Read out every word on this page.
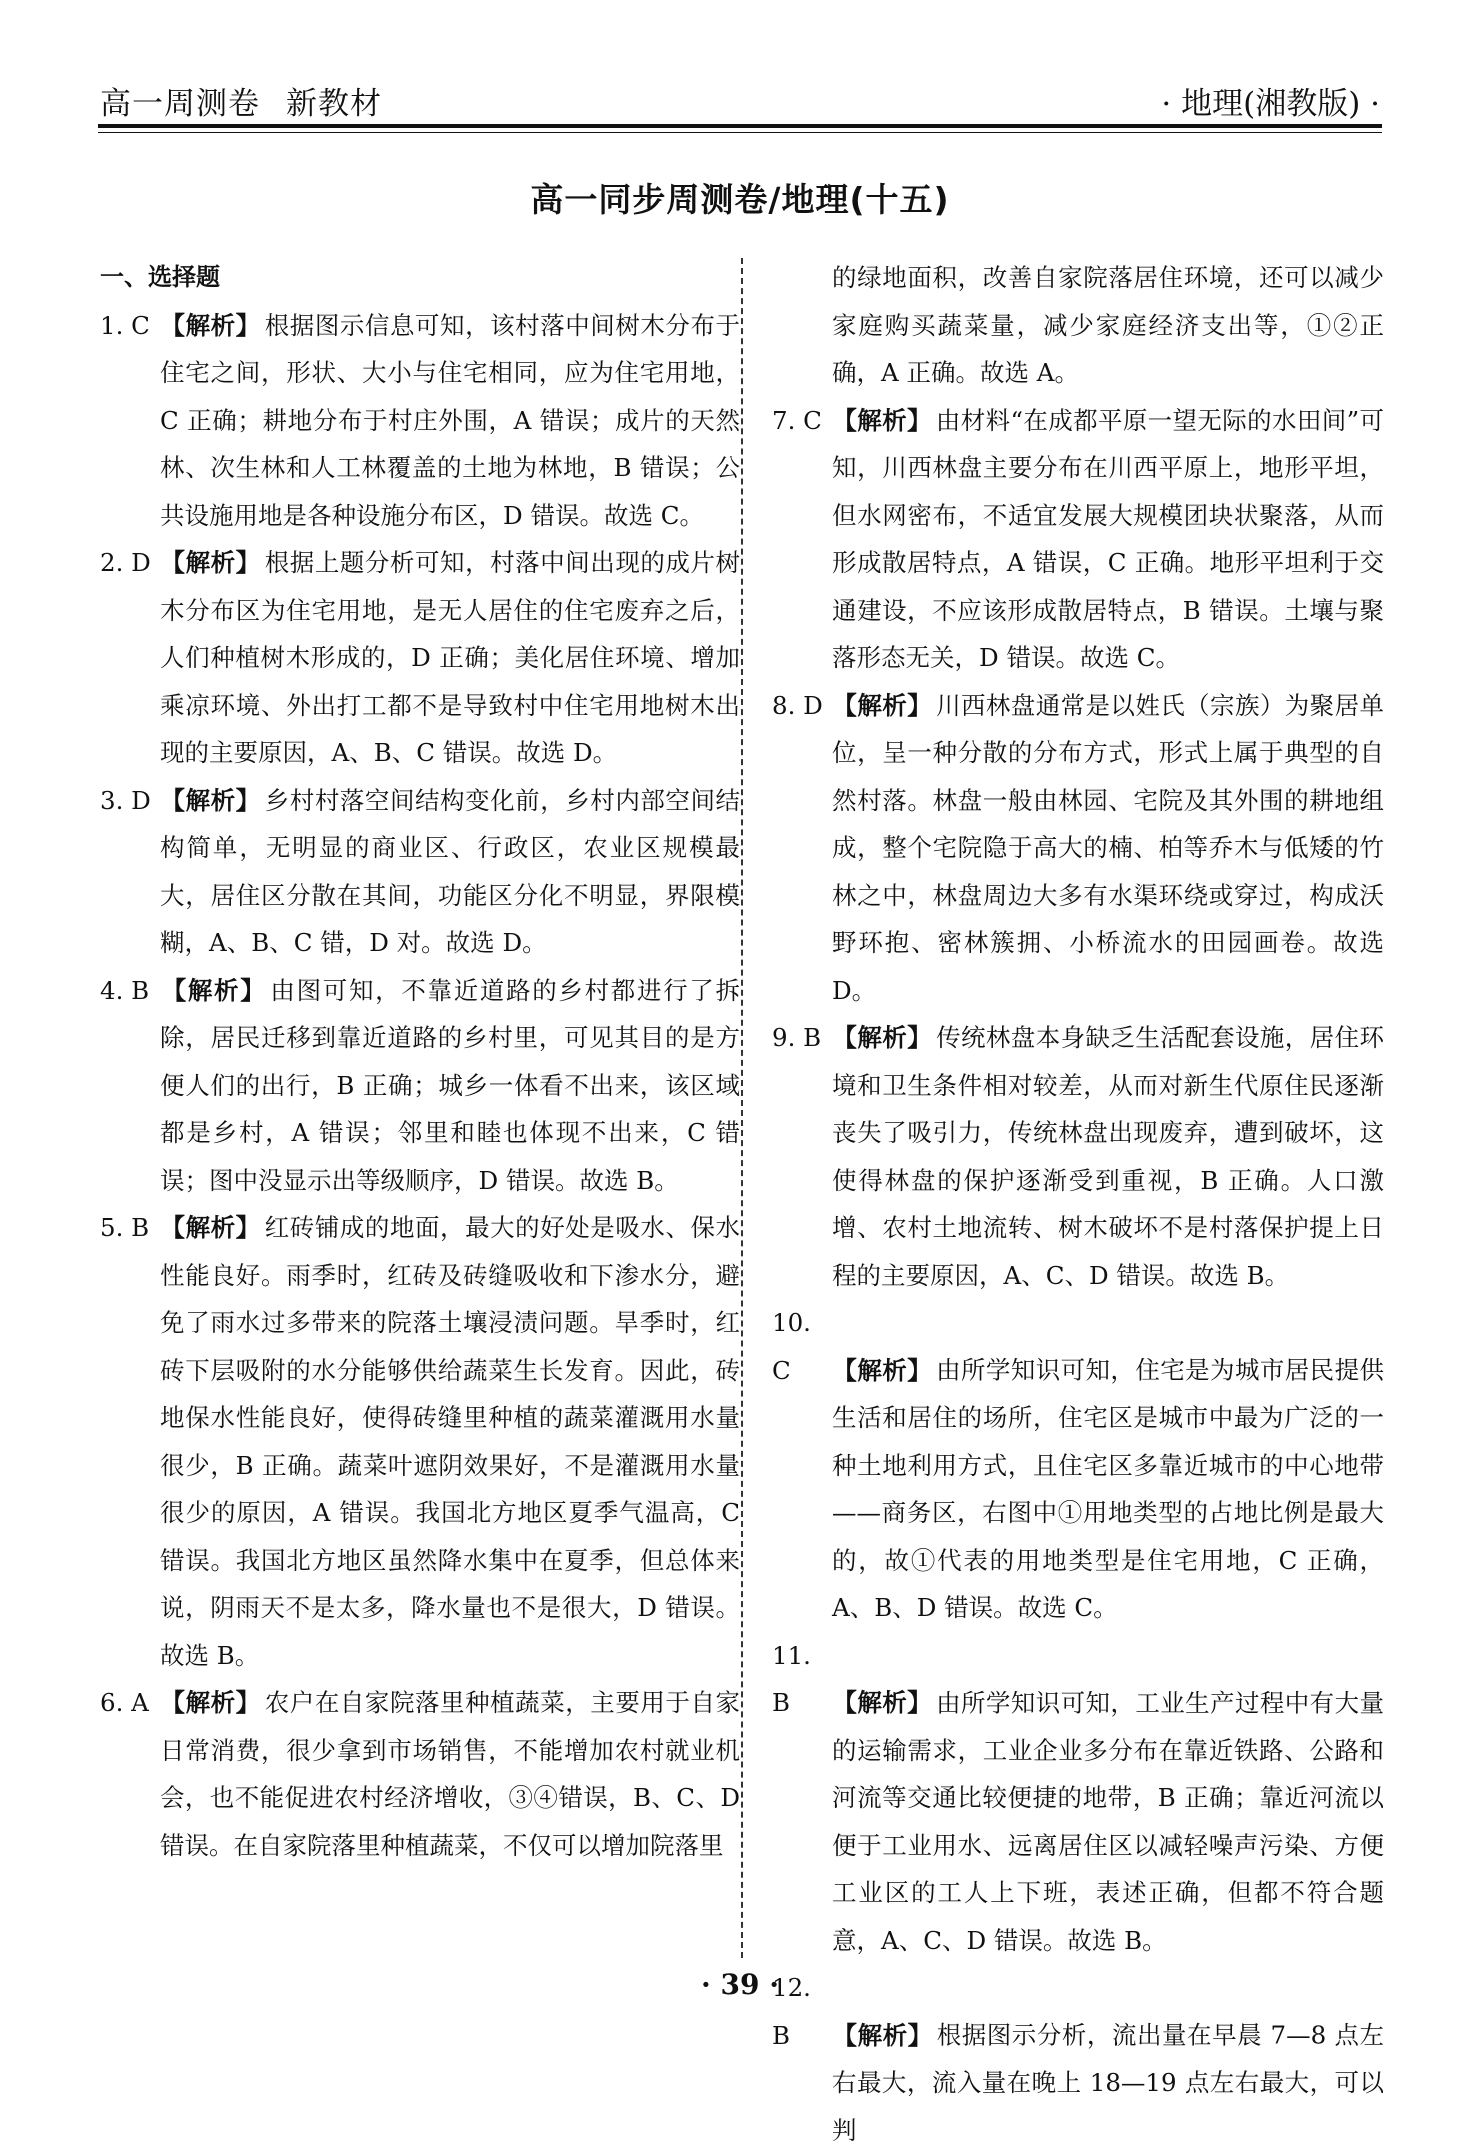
高一周测卷 新教材	· 地理(湘教版) ·
高一同步周测卷/地理(十五)
一、选择题
1. C 【解析】 根据图示信息可知，该村落中间树木分布于住宅之间，形状、大小与住宅相同，应为住宅用地，C 正确；耕地分布于村庄外围，A 错误；成片的天然林、次生林和人工林覆盖的土地为林地，B 错误；公共设施用地是各种设施分布区，D 错误。故选 C。
2. D 【解析】 根据上题分析可知，村落中间出现的成片树木分布区为住宅用地，是无人居住的住宅废弃之后，人们种植树木形成的，D 正确；美化居住环境、增加乘凉环境、外出打工都不是导致村中住宅用地树木出现的主要原因，A、B、C 错误。故选 D。
3. D 【解析】 乡村村落空间结构变化前，乡村内部空间结构简单，无明显的商业区、行政区，农业区规模最大，居住区分散在其间，功能区分化不明显，界限模糊，A、B、C 错，D 对。故选 D。
4. B 【解析】 由图可知，不靠近道路的乡村都进行了拆除，居民迁移到靠近道路的乡村里，可见其目的是方便人们的出行，B 正确；城乡一体看不出来，该区域都是乡村，A 错误；邻里和睦也体现不出来，C 错误；图中没显示出等级顺序，D 错误。故选 B。
5. B 【解析】 红砖铺成的地面，最大的好处是吸水、保水性能良好。雨季时，红砖及砖缝吸收和下渗水分，避免了雨水过多带来的院落土壤浸渍问题。旱季时，红砖下层吸附的水分能够供给蔬菜生长发育。因此，砖地保水性能良好，使得砖缝里种植的蔬菜灌溉用水量很少，B 正确。蔬菜叶遮阴效果好，不是灌溉用水量很少的原因，A 错误。我国北方地区夏季气温高，C 错误。我国北方地区虽然降水集中在夏季，但总体来说，阴雨天不是太多，降水量也不是很大，D 错误。故选 B。
6. A 【解析】 农户在自家院落里种植蔬菜，主要用于自家日常消费，很少拿到市场销售，不能增加农村就业机会，也不能促进农村经济增收，③④错误，B、C、D 错误。在自家院落里种植蔬菜，不仅可以增加院落里
的绿地面积，改善自家院落居住环境，还可以减少家庭购买蔬菜量，减少家庭经济支出等，①②正确，A 正确。故选 A。
7. C 【解析】 由材料“在成都平原一望无际的水田间”可知，川西林盘主要分布在川西平原上，地形平坦，但水网密布，不适宜发展大规模团块状聚落，从而形成散居特点，A 错误，C 正确。地形平坦利于交通建设，不应该形成散居特点，B 错误。土壤与聚落形态无关，D 错误。故选 C。
8. D 【解析】 川西林盘通常是以姓氏（宗族）为聚居单位，呈一种分散的分布方式，形式上属于典型的自然村落。林盘一般由林园、宅院及其外围的耕地组成，整个宅院隐于高大的楠、柏等乔木与低矮的竹林之中，林盘周边大多有水渠环绕或穿过，构成沃野环抱、密林簇拥、小桥流水的田园画卷。故选 D。
9. B 【解析】 传统林盘本身缺乏生活配套设施，居住环境和卫生条件相对较差，从而对新生代原住民逐渐丧失了吸引力，传统林盘出现废弃，遭到破坏，这使得林盘的保护逐渐受到重视，B 正确。人口激增、农村土地流转、树木破坏不是村落保护提上日程的主要原因，A、C、D 错误。故选 B。
10. C 【解析】 由所学知识可知，住宅是为城市居民提供生活和居住的场所，住宅区是城市中最为广泛的一种土地利用方式，且住宅区多靠近城市的中心地带——商务区，右图中①用地类型的占地比例是最大的，故①代表的用地类型是住宅用地，C 正确，A、B、D 错误。故选 C。
11. B 【解析】 由所学知识可知，工业生产过程中有大量的运输需求，工业企业多分布在靠近铁路、公路和河流等交通比较便捷的地带，B 正确；靠近河流以便于工业用水、远离居住区以减轻噪声污染、方便工业区的工人上下班，表述正确，但都不符合题意，A、C、D 错误。故选 B。
12. B 【解析】 根据图示分析，流出量在早晨 7—8 点左右最大，流入量在晚上 18—19 点左右最大，可以判
· 39 ·
